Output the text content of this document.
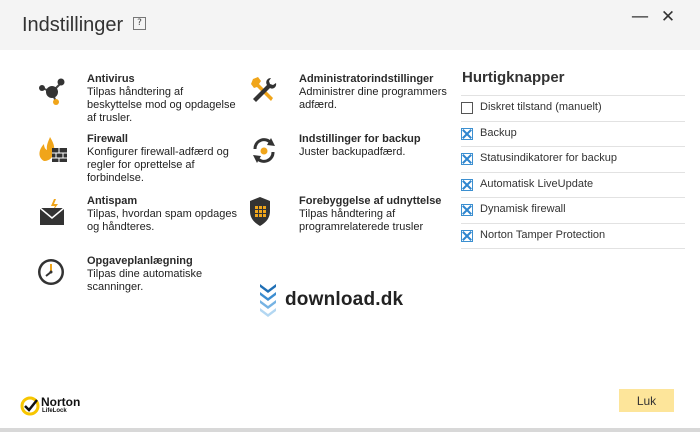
Indstillinger	?	— ✕
Antivirus
Tilpas håndtering af beskyttelse mod og opdagelse af trusler.
Firewall
Konfigurer firewall-adfærd og regler for oprettelse af forbindelse.
Antispam
Tilpas, hvordan spam opdages og håndteres.
Opgaveplanlægning
Tilpas dine automatiske scanninger.
Administratorindstillinger
Administrer dine programmers adfærd.
Indstillinger for backup
Juster backupadfærd.
Forebyggelse af udnyttelse
Tilpas håndtering af programrelaterede trusler
Hurtigknapper
Diskret tilstand (manuelt)
Backup
Statusindikatorer for backup
Automatisk LiveUpdate
Dynamisk firewall
Norton Tamper Protection
download.dk
Norton
LifeLock
Luk
